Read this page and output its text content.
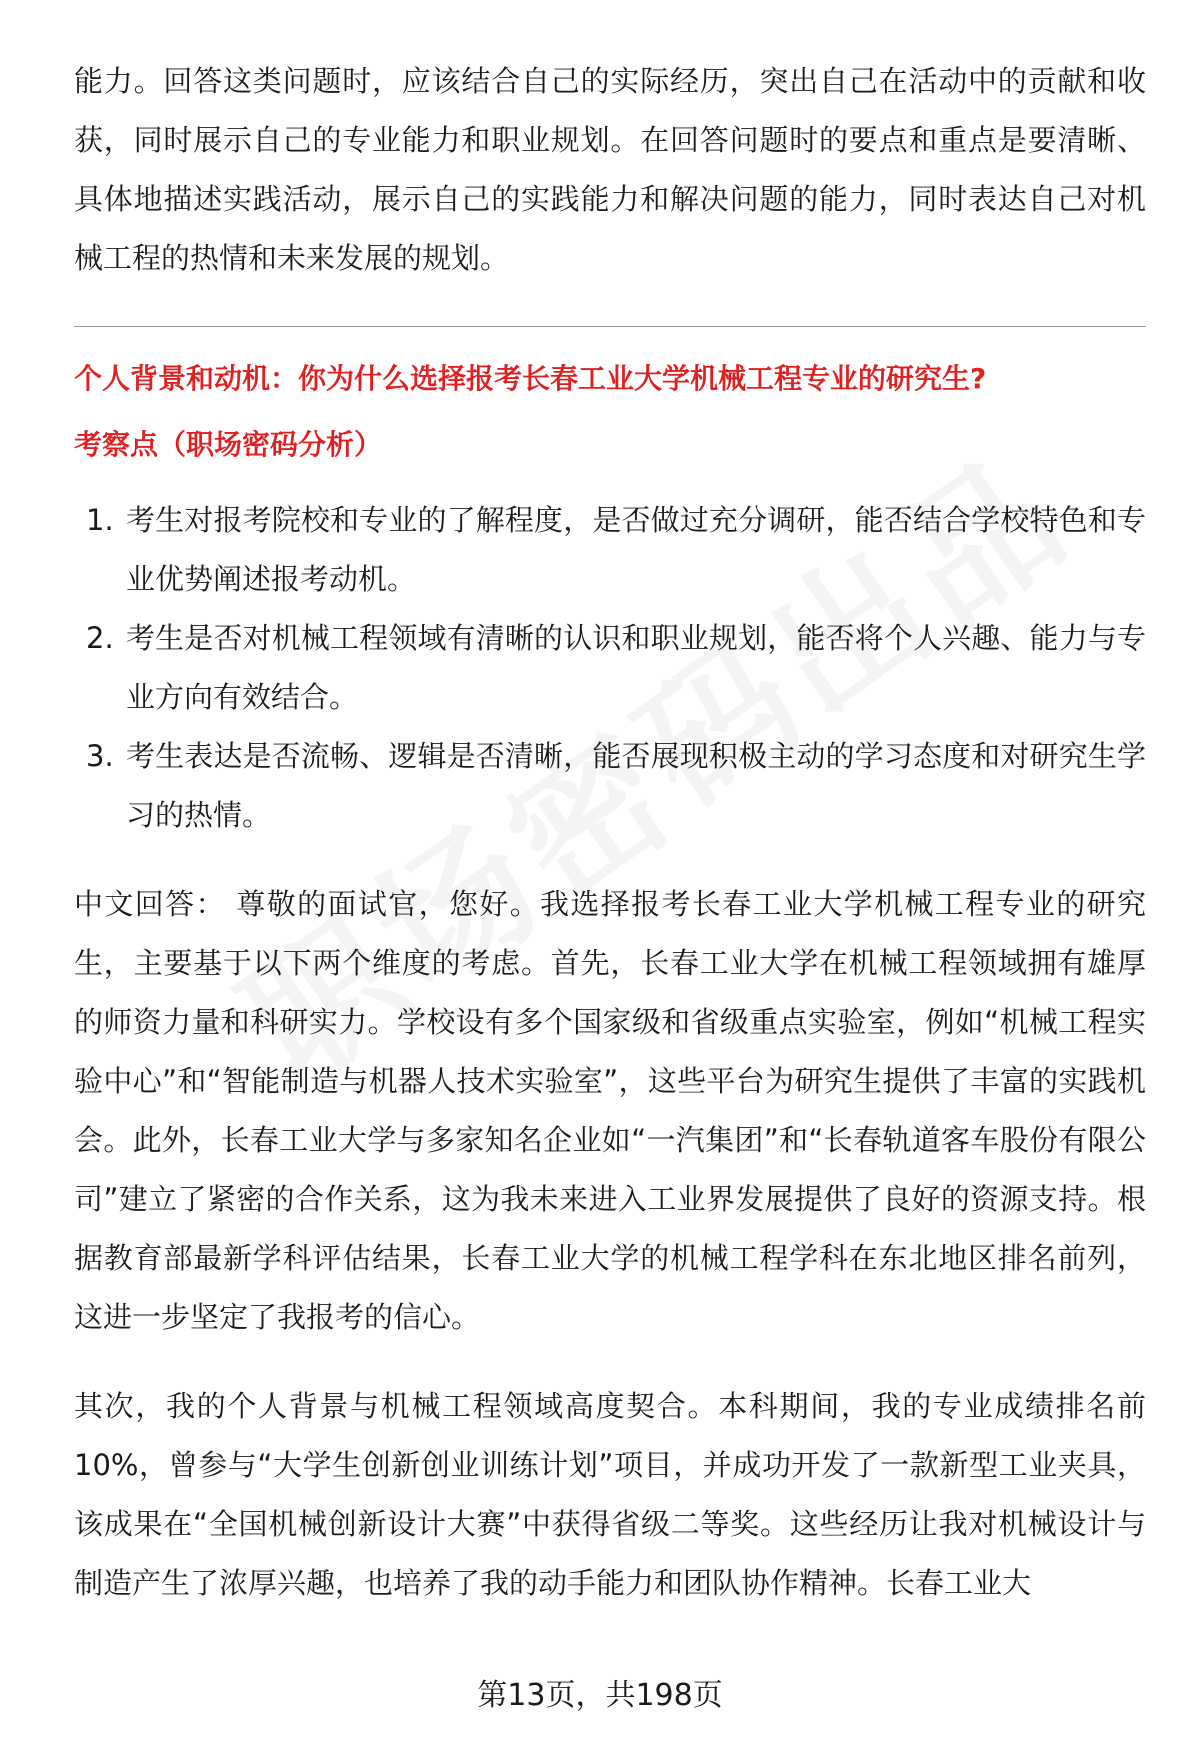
能力。回答这类问题时，应该结合自己的实际经历，突出自己在活动中的贡献和收获，同时展示自己的专业能力和职业规划。在回答问题时的要点和重点是要清晰、具体地描述实践活动，展示自己的实践能力和解决问题的能力，同时表达自己对机械工程的热情和未来发展的规划。

个人背景和动机：你为什么选择报考长春工业大学机械工程专业的研究生?

考察点（职场密码分析）

1. 考生对报考院校和专业的了解程度，是否做过充分调研，能否结合学校特色和专业优势阐述报考动机。
2. 考生是否对机械工程领域有清晰的认识和职业规划，能否将个人兴趣、能力与专业方向有效结合。
3. 考生表达是否流畅、逻辑是否清晰，能否展现积极主动的学习态度和对研究生学习的热情。

中文回答： 尊敬的面试官，您好。我选择报考长春工业大学机械工程专业的研究生，主要基于以下两个维度的考虑。首先，长春工业大学在机械工程领域拥有雄厚的师资力量和科研实力。学校设有多个国家级和省级重点实验室，例如“机械工程实验中心”和“智能制造与机器人技术实验室”，这些平台为研究生提供了丰富的实践机会。此外，长春工业大学与多家知名企业如“一汽集团”和“长春轨道客车股份有限公司”建立了紧密的合作关系，这为我未来进入工业界发展提供了良好的资源支持。根据教育部最新学科评估结果，长春工业大学的机械工程学科在东北地区排名前列，这进一步坚定了我报考的信心。

其次，我的个人背景与机械工程领域高度契合。本科期间，我的专业成绩排名前10%，曾参与“大学生创新创业训练计划”项目，并成功开发了一款新型工业夹具，该成果在“全国机械创新设计大赛”中获得省级二等奖。这些经历让我对机械设计与制造产生了浓厚兴趣，也培养了我的动手能力和团队协作精神。长春工业大

第13页，共198页
